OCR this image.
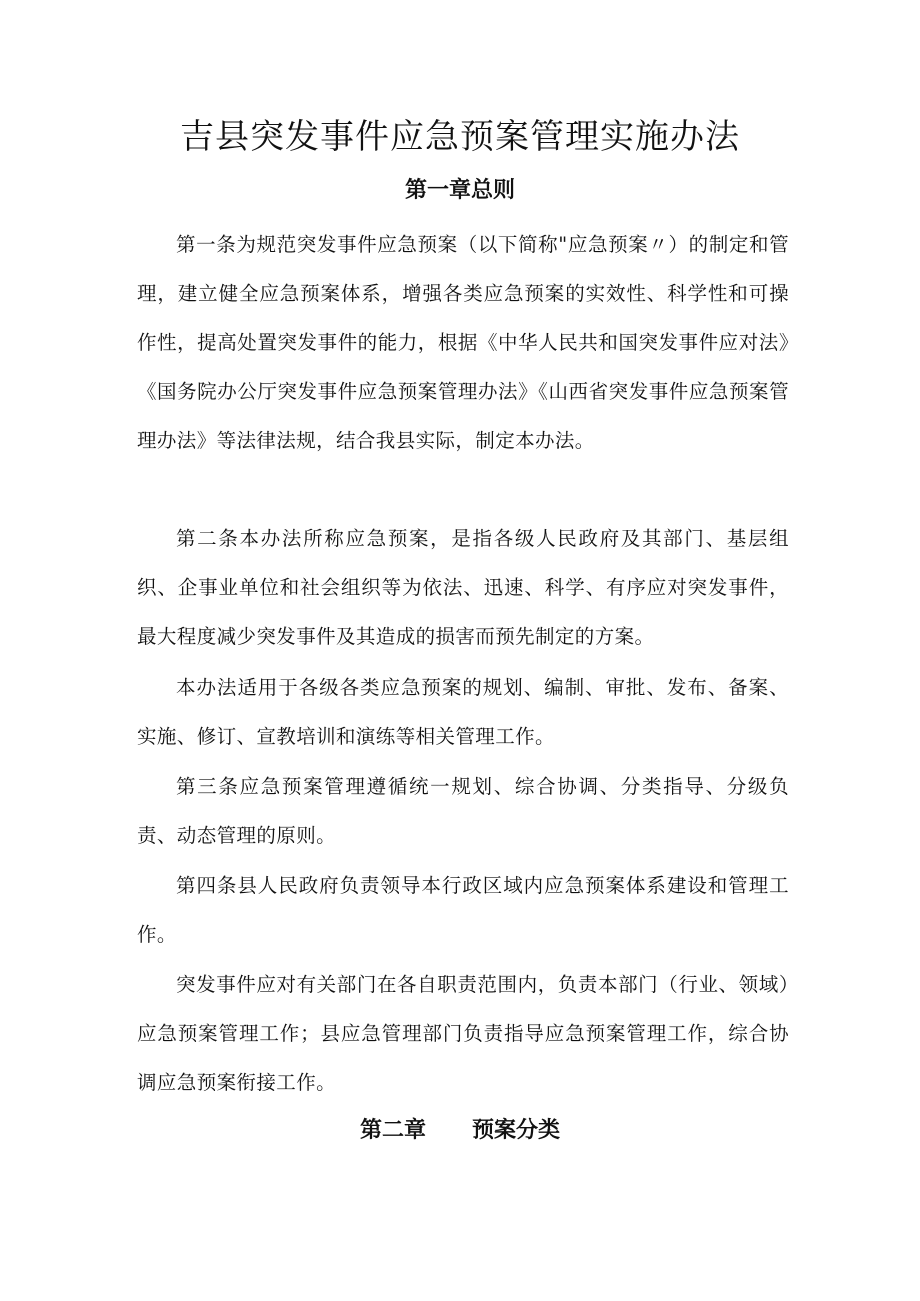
吉县突发事件应急预案管理实施办法
第一章总则

第一条为规范突发事件应急预案（以下简称"应急预案〃）的制定和管理，建立健全应急预案体系，增强各类应急预案的实效性、科学性和可操作性，提高处置突发事件的能力，根据《中华人民共和国突发事件应对法》《国务院办公厅突发事件应急预案管理办法》《山西省突发事件应急预案管理办法》等法律法规，结合我县实际，制定本办法。

第二条本办法所称应急预案，是指各级人民政府及其部门、基层组织、企事业单位和社会组织等为依法、迅速、科学、有序应对突发事件，最大程度减少突发事件及其造成的损害而预先制定的方案。

本办法适用于各级各类应急预案的规划、编制、审批、发布、备案、实施、修订、宣教培训和演练等相关管理工作。

第三条应急预案管理遵循统一规划、综合协调、分类指导、分级负责、动态管理的原则。

第四条县人民政府负责领导本行政区域内应急预案体系建设和管理工作。

突发事件应对有关部门在各自职责范围内，负责本部门（行业、领域）应急预案管理工作；县应急管理部门负责指导应急预案管理工作，综合协调应急预案衔接工作。

第二章 预案分类
